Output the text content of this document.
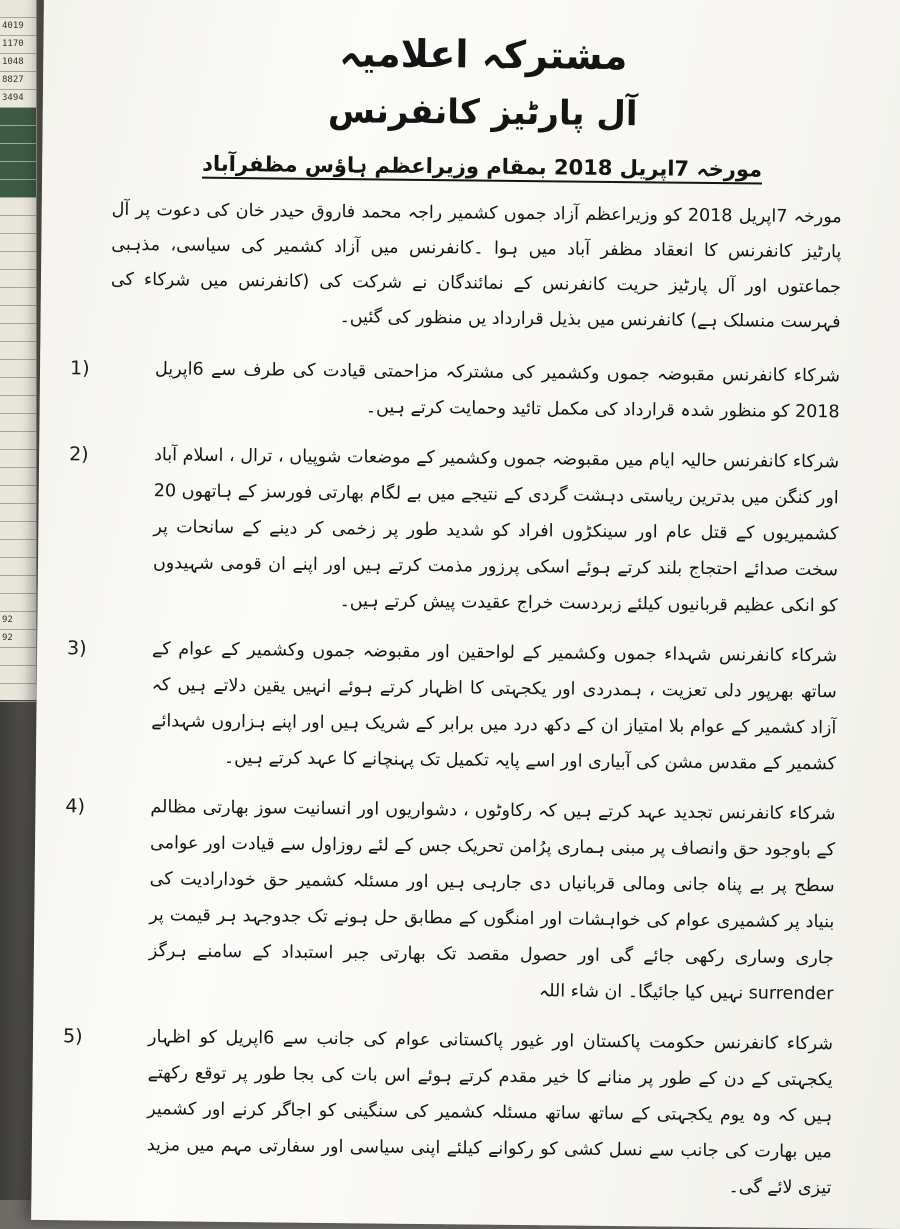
4019
1170
1048
8827
3494
92
92
مشترکہ اعلامیہ
آل پارٹیز کانفرنس

مورخہ 7اپریل 2018 بمقام وزیراعظم ہاؤس مظفرآباد

مورخہ 7اپریل 2018 کو وزیراعظم آزاد جموں کشمیر راجہ محمد فاروق حیدر خان کی دعوت پر آل پارٹیز کانفرنس کا انعقاد مظفر آباد میں ہوا ۔کانفرنس میں آزاد کشمیر کی سیاسی، مذہبی جماعتوں اور آل پارٹیز حریت کانفرنس کے نمائندگان نے شرکت کی (کانفرنس میں شرکاء کی فہرست منسلک ہے) کانفرنس میں بذیل قرارداد یں منظور کی گئیں۔

1)	شرکاء کانفرنس مقبوضہ جموں وکشمیر کی مشترکہ مزاحمتی قیادت کی طرف سے 6اپریل 2018 کو منظور شدہ قرارداد کی مکمل تائید وحمایت کرتے ہیں۔
2)	شرکاء کانفرنس حالیہ ایام میں مقبوضہ جموں وکشمیر کے موضعات شوپیاں ، ترال ، اسلام آباد اور کنگن میں بدترین ریاستی دہشت گردی کے نتیجے میں بے لگام بھارتی فورسز کے ہاتھوں 20 کشمیریوں کے قتل عام اور سینکڑوں افراد کو شدید طور پر زخمی کر دینے کے سانحات پر سخت صدائے احتجاج بلند کرتے ہوئے اسکی پرزور مذمت کرتے ہیں اور اپنے ان قومی شہیدوں کو انکی عظیم قربانیوں کیلئے زبردست خراج عقیدت پیش کرتے ہیں۔
3)	شرکاء کانفرنس شہداء جموں وکشمیر کے لواحقین اور مقبوضہ جموں وکشمیر کے عوام کے ساتھ بھرپور دلی تعزیت ، ہمدردی اور یکجہتی کا اظہار کرتے ہوئے انہیں یقین دلاتے ہیں کہ آزاد کشمیر کے عوام بلا امتیاز ان کے دکھ درد میں برابر کے شریک ہیں اور اپنے ہزاروں شہدائے کشمیر کے مقدس مشن کی آبیاری اور اسے پایہ تکمیل تک پہنچانے کا عہد کرتے ہیں۔
4)	شرکاء کانفرنس تجدید عہد کرتے ہیں کہ رکاوٹوں ، دشواریوں اور انسانیت سوز بھارتی مظالم کے باوجود حق وانصاف پر مبنی ہماری پرُامن تحریک جس کے لئے روزاول سے قیادت اور عوامی سطح پر بے پناہ جانی ومالی قربانیاں دی جارہی ہیں اور مسئلہ کشمیر حق خودارادیت کی بنیاد پر کشمیری عوام کی خواہشات اور امنگوں کے مطابق حل ہونے تک جدوجہد ہر قیمت پر جاری وساری رکھی جائے گی اور حصول مقصد تک بھارتی جبر استبداد کے سامنے ہرگز surrender نہیں کیا جائیگا۔ ان شاء اللہ
5)	شرکاء کانفرنس حکومت پاکستان اور غیور پاکستانی عوام کی جانب سے 6اپریل کو اظہار یکجہتی کے دن کے طور پر منانے کا خیر مقدم کرتے ہوئے اس بات کی بجا طور پر توقع رکھتے ہیں کہ وہ یوم یکجہتی کے ساتھ ساتھ مسئلہ کشمیر کی سنگینی کو اجاگر کرنے اور کشمیر میں بھارت کی جانب سے نسل کشی کو رکوانے کیلئے اپنی سیاسی اور سفارتی مہم میں مزید تیزی لائے گی۔
